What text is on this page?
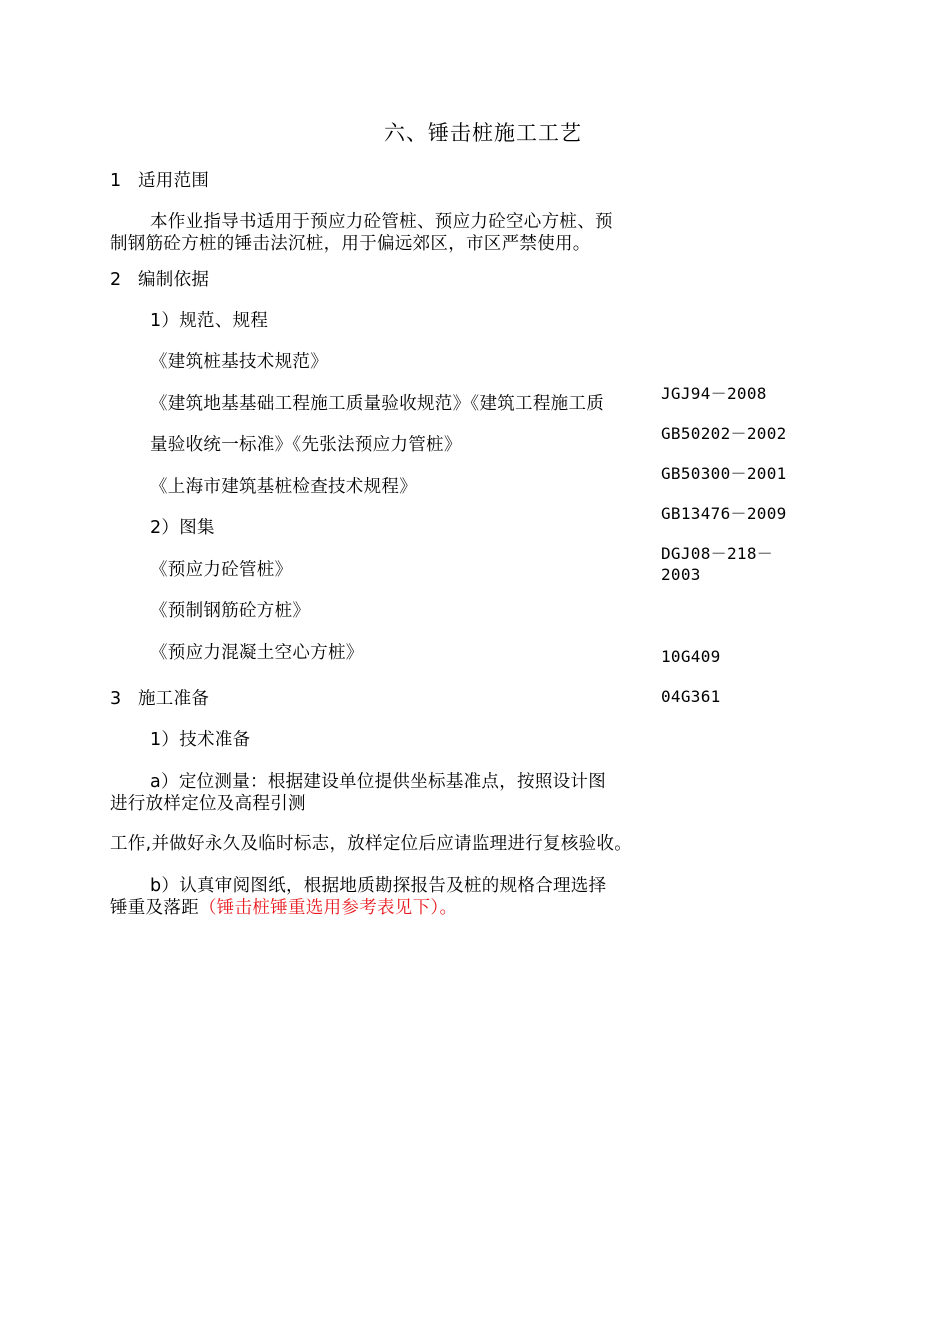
六、锤击桩施工工艺
1 适用范围
本作业指导书适用于预应力砼管桩、预应力砼空心方桩、预
制钢筋砼方桩的锤击法沉桩，用于偏远郊区，市区严禁使用。
2 编制依据
1）规范、规程
《建筑桩基技术规范》
《建筑地基基础工程施工质量验收规范》《建筑工程施工质
量验收统一标准》《先张法预应力管桩》
《上海市建筑基桩检查技术规程》
2）图集
《预应力砼管桩》
《预制钢筋砼方桩》
《预应力混凝土空心方桩》
JGJ94－2008
GB50202－2002
GB50300－2001
GB13476－2009
DGJ08－218－
2003
10G409
04G361
3 施工准备
1）技术准备
a）定位测量：根据建设单位提供坐标基准点，按照设计图
进行放样定位及高程引测
工作,并做好永久及临时标志，放样定位后应请监理进行复核验收。
b）认真审阅图纸，根据地质勘探报告及桩的规格合理选择
锤重及落距（锤击桩锤重选用参考表见下）。
